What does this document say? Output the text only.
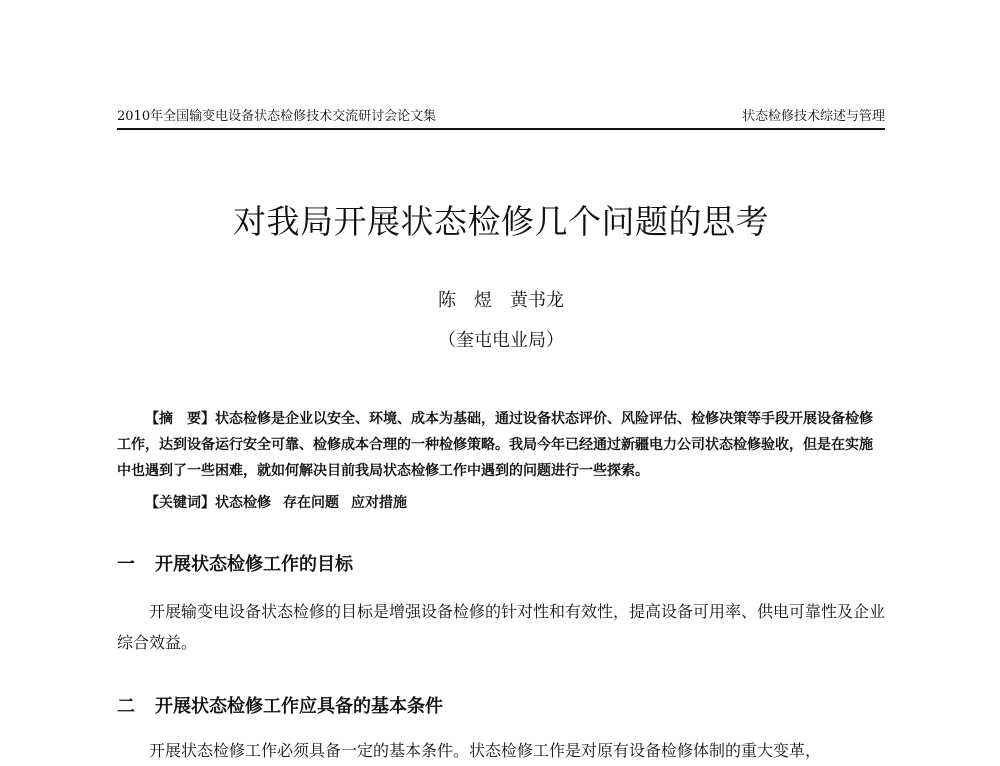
2010年全国输变电设备状态检修技术交流研讨会论文集	状态检修技术综述与管理
对我局开展状态检修几个问题的思考
陈　煜　黄书龙
（奎屯电业局）

【摘　要】状态检修是企业以安全、环境、成本为基础，通过设备状态评价、风险评估、检修决策等手段开展设备检修工作，达到设备运行安全可靠、检修成本合理的一种检修策略。我局今年已经通过新疆电力公司状态检修验收，但是在实施中也遇到了一些困难，就如何解决目前我局状态检修工作中遇到的问题进行一些探索。

【关键词】状态检修 存在问题 应对措施
一 开展状态检修工作的目标

开展输变电设备状态检修的目标是增强设备检修的针对性和有效性，提高设备可用率、供电可靠性及企业综合效益。

二 开展状态检修工作应具备的基本条件

开展状态检修工作必须具备一定的基本条件。状态检修工作是对原有设备检修体制的重大变革，
